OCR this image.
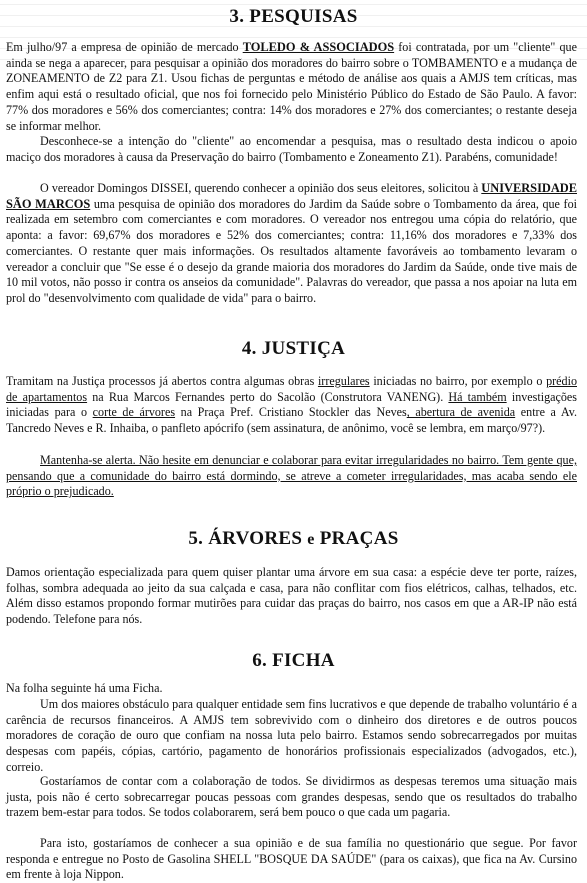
3. PESQUISAS

Em julho/97 a empresa de opinião de mercado TOLEDO & ASSOCIADOS foi contratada, por um "cliente" que ainda se nega a aparecer, para pesquisar a opinião dos moradores do bairro sobre o TOMBAMENTO e a mudança de ZONEAMENTO de Z2 para Z1. Usou fichas de perguntas e método de análise aos quais a AMJS tem críticas, mas enfim aqui está o resultado oficial, que nos foi fornecido pelo Ministério Público do Estado de São Paulo. A favor: 77% dos moradores e 56% dos comerciantes; contra: 14% dos moradores e 27% dos comerciantes; o restante deseja se informar melhor.

Desconhece-se a intenção do "cliente" ao encomendar a pesquisa, mas o resultado desta indicou o apoio maciço dos moradores à causa da Preservação do bairro (Tombamento e Zoneamento Z1). Parabéns, comunidade!

O vereador Domingos DISSEI, querendo conhecer a opinião dos seus eleitores, solicitou à UNIVERSIDADE SÃO MARCOS uma pesquisa de opinião dos moradores do Jardim da Saúde sobre o Tombamento da área, que foi realizada em setembro com comerciantes e com moradores. O vereador nos entregou uma cópia do relatório, que aponta: a favor: 69,67% dos moradores e 52% dos comerciantes; contra: 11,16% dos moradores e 7,33% dos comerciantes. O restante quer mais informações. Os resultados altamente favoráveis ao tombamento levaram o vereador a concluir que "Se esse é o desejo da grande maioria dos moradores do Jardim da Saúde, onde tive mais de 10 mil votos, não posso ir contra os anseios da comunidade". Palavras do vereador, que passa a nos apoiar na luta em prol do "desenvolvimento com qualidade de vida" para o bairro.

4. JUSTIÇA

Tramitam na Justiça processos já abertos contra algumas obras irregulares iniciadas no bairro, por exemplo o prédio de apartamentos na Rua Marcos Fernandes perto do Sacolão (Construtora VANENG). Há também investigações iniciadas para o corte de árvores na Praça Pref. Cristiano Stockler das Neves, abertura de avenida entre a Av. Tancredo Neves e R. Inhaiba, o panfleto apócrifo (sem assinatura, de anônimo, você se lembra, em março/97?).

Mantenha-se alerta. Não hesite em denunciar e colaborar para evitar irregularidades no bairro. Tem gente que, pensando que a comunidade do bairro está dormindo, se atreve a cometer irregularidades, mas acaba sendo ele próprio o prejudicado.

5. ÁRVORES e PRAÇAS

Damos orientação especializada para quem quiser plantar uma árvore em sua casa: a espécie deve ter porte, raízes, folhas, sombra adequada ao jeito da sua calçada e casa, para não conflitar com fios elétricos, calhas, telhados, etc. Além disso estamos propondo formar mutirões para cuidar das praças do bairro, nos casos em que a AR-IP não está podendo. Telefone para nós.

6. FICHA

Na folha seguinte há uma Ficha.

Um dos maiores obstáculo para qualquer entidade sem fins lucrativos e que depende de trabalho voluntário é a carência de recursos financeiros. A AMJS tem sobrevivido com o dinheiro dos diretores e de outros poucos moradores de coração de ouro que confiam na nossa luta pelo bairro. Estamos sendo sobrecarregados por muitas despesas com papéis, cópias, cartório, pagamento de honorários profissionais especializados (advogados, etc.), correio.

Gostaríamos de contar com a colaboração de todos. Se dividirmos as despesas teremos uma situação mais justa, pois não é certo sobrecarregar poucas pessoas com grandes despesas, sendo que os resultados do trabalho trazem bem-estar para todos. Se todos colaborarem, será bem pouco o que cada um pagaria.

Para isto, gostaríamos de conhecer a sua opinião e de sua família no questionário que segue. Por favor responda e entregue no Posto de Gasolina SHELL "BOSQUE DA SAÚDE" (para os caixas), que fica na Av. Cursino em frente à loja Nippon.
